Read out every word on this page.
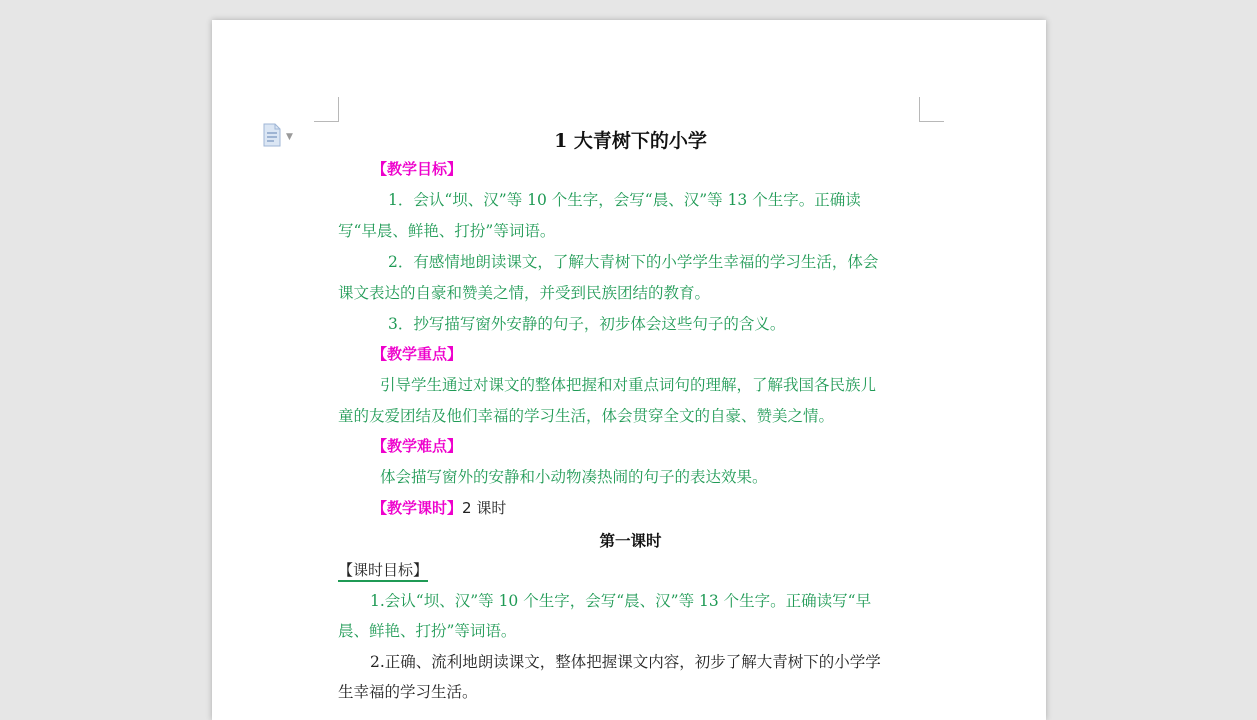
▼	1 大青树下的小学
【教学目标】
1．会认“坝、汉”等 10 个生字，会写“晨、汉”等 13 个生字。正确读
写“早晨、鲜艳、打扮”等词语。
2．有感情地朗读课文，了解大青树下的小学学生幸福的学习生活，体会
课文表达的自豪和赞美之情，并受到民族团结的教育。
3．抄写描写窗外安静的句子，初步体会这些句子的含义。
【教学重点】
引导学生通过对课文的整体把握和对重点词句的理解，了解我国各民族儿
童的友爱团结及他们幸福的学习生活，体会贯穿全文的自豪、赞美之情。
【教学难点】
体会描写窗外的安静和小动物凑热闹的句子的表达效果。
【教学课时】2 课时
第一课时
【课时目标】
1.会认“坝、汉”等 10 个生字，会写“晨、汉”等 13 个生字。正确读写“早
晨、鲜艳、打扮”等词语。
2.正确、流利地朗读课文，整体把握课文内容，初步了解大青树下的小学学
生幸福的学习生活。
